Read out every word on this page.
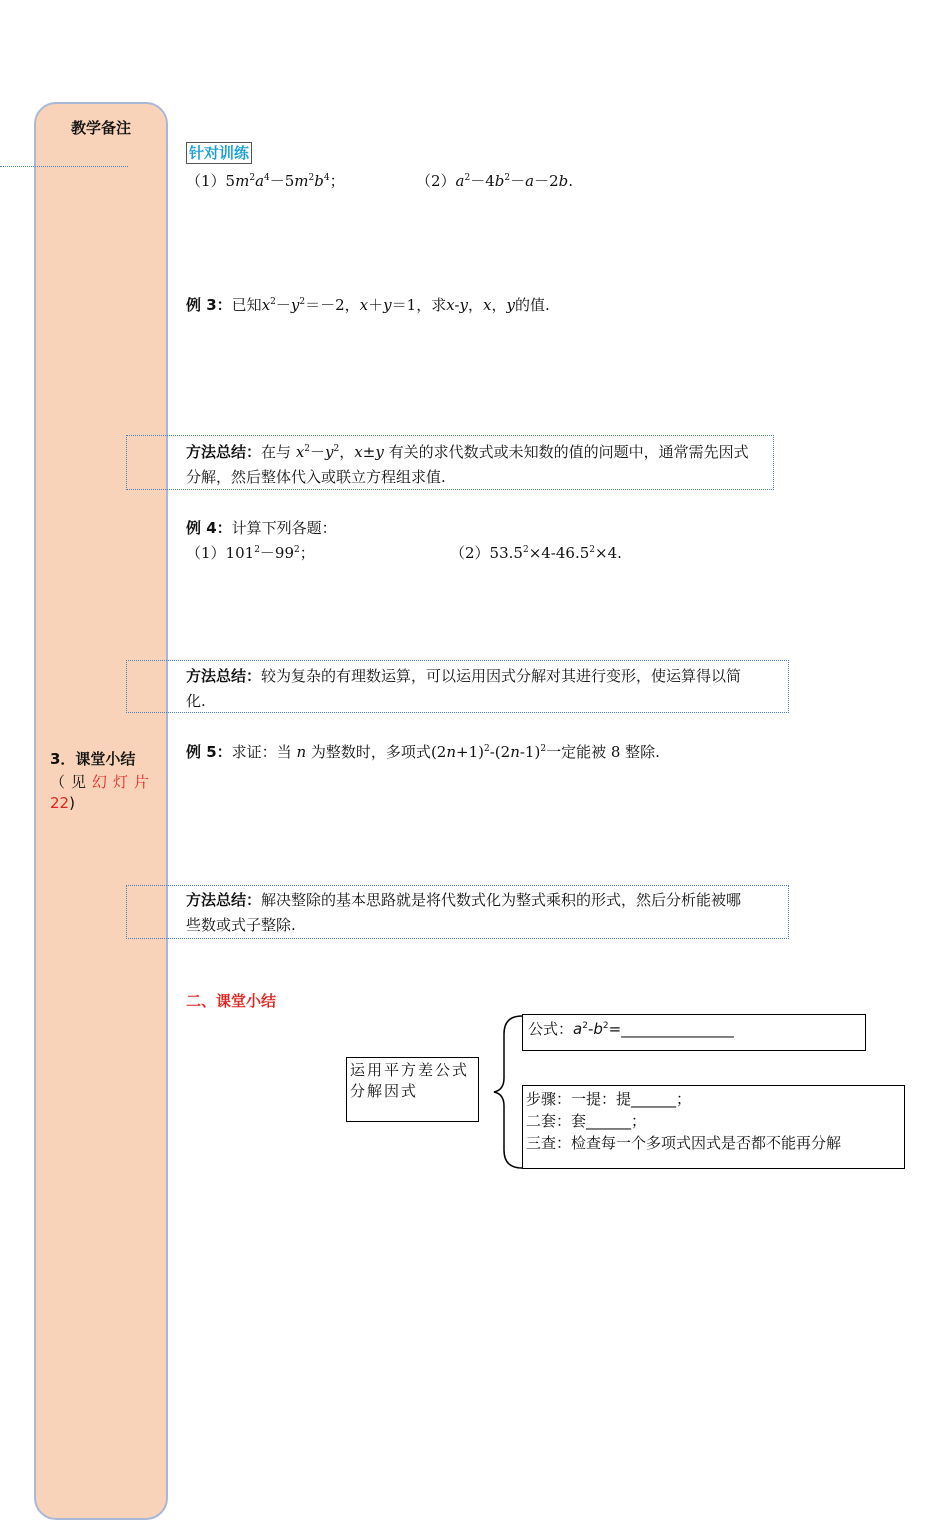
教学备注
3．课堂小结
（见幻灯片
22)
针对训练
$(1)5m^2a^4-5m^2b^4$；	$(2)a^2-4b^2-a-2b$.
例 3：已知$x^2-y^2=-2$，x＋y＝1，求x-y，x，y的值.
方法总结：在与 $x^2-y^2$，x±y 有关的求代数式或未知数的值的问题中，通常需先因式
分解，然后整体代入或联立方程组求值.
例 4：计算下列各题：
$(1)101^2-99^2$；	$(2)53.5^2\times 4-46.5^2\times 4$.
方法总结：较为复杂的有理数运算，可以运用因式分解对其进行变形，使运算得以简
化.
例 5：求证：当 n 为整数时，多项式$(2n+1)^2-(2n-1)^2$一定能被 8 整除.
方法总结：解决整除的基本思路就是将代数式化为整式乘积的形式，然后分析能被哪
些数或式子整除.
二、课堂小结
运用平方差公式分解因式
公式：$a^2-b^2=\_\_\_\_\_\_\_\_\_\_\_\_\_\_\_$
步骤：一提：提______；
二套：套______；
三查：检查每一个多项式因式是否都不能再分解
